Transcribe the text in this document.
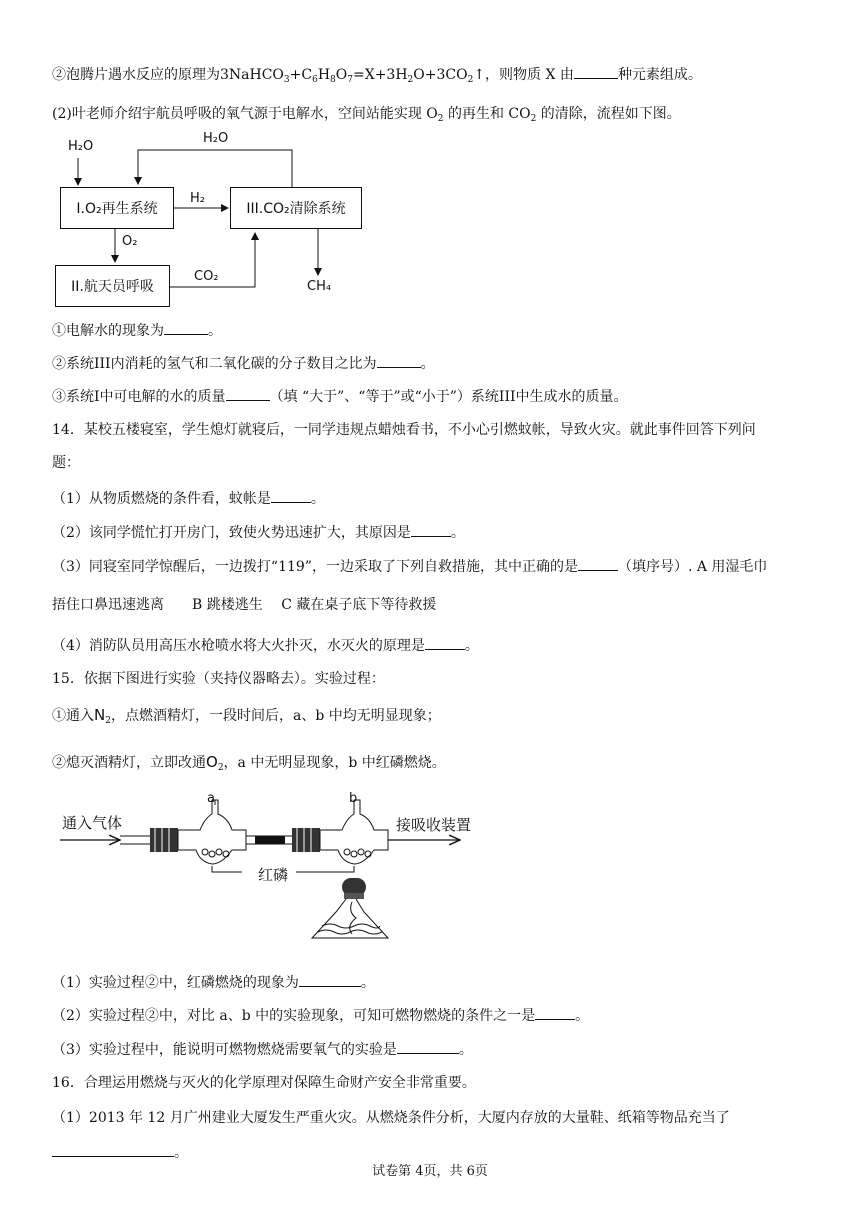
②泡腾片遇水反应的原理为$3NaHCO_3+C_6H_8O_7=X+3H_2O+3CO_2↑$，则物质 X 由	种元素组成。
(2)叶老师介绍宇航员呼吸的氧气源于电解水，空间站能实现 $O_2$ 的再生和 $CO_2$ 的清除，流程如下图。
H₂O
H₂O
I.O₂再生系统
H₂
III.CO₂清除系统
O₂
II.航天员呼吸
CO₂
CH₄
①电解水的现象为	。
②系统III内消耗的氢气和二氧化碳的分子数目之比为	。
③系统I中可电解的水的质量	（填 “大于”、“等于”或“小于”）系统III中生成水的质量。
14．某校五楼寝室，学生熄灯就寝后，一同学违规点蜡烛看书，不小心引燃蚊帐，导致火灾。就此事件回答下列问
题：
（1）从物质燃烧的条件看，蚊帐是	。
（2）该同学慌忙打开房门，致使火势迅速扩大，其原因是	。
（3）同寝室同学惊醒后，一边拨打“119”，一边采取了下列自救措施，其中正确的是	（填序号）. A 用湿毛巾
捂住口鼻迅速逃离　　B 跳楼逃生　 C 藏在桌子底下等待救援
（4）消防队员用高压水枪喷水将大火扑灭，水灭火的原理是	。
15．依据下图进行实验（夹持仪器略去）。实验过程：
①通入$N_2$，点燃酒精灯，一段时间后，a、b 中均无明显现象；
②熄灭酒精灯，立即改通$O_2$，a 中无明显现象，b 中红磷燃烧。
通入气体
a	b
接吸收装置
红磷
（1）实验过程②中，红磷燃烧的现象为	。
（2）实验过程②中，对比 a、b 中的实验现象，可知可燃物燃烧的条件之一是	。
（3）实验过程中，能说明可燃物燃烧需要氧气的实验是	。
16．合理运用燃烧与灭火的化学原理对保障生命财产安全非常重要。
（1）2013 年 12 月广州建业大厦发生严重火灾。从燃烧条件分析，大厦内存放的大量鞋、纸箱等物品充当了
。
试卷第 4页，共 6页
